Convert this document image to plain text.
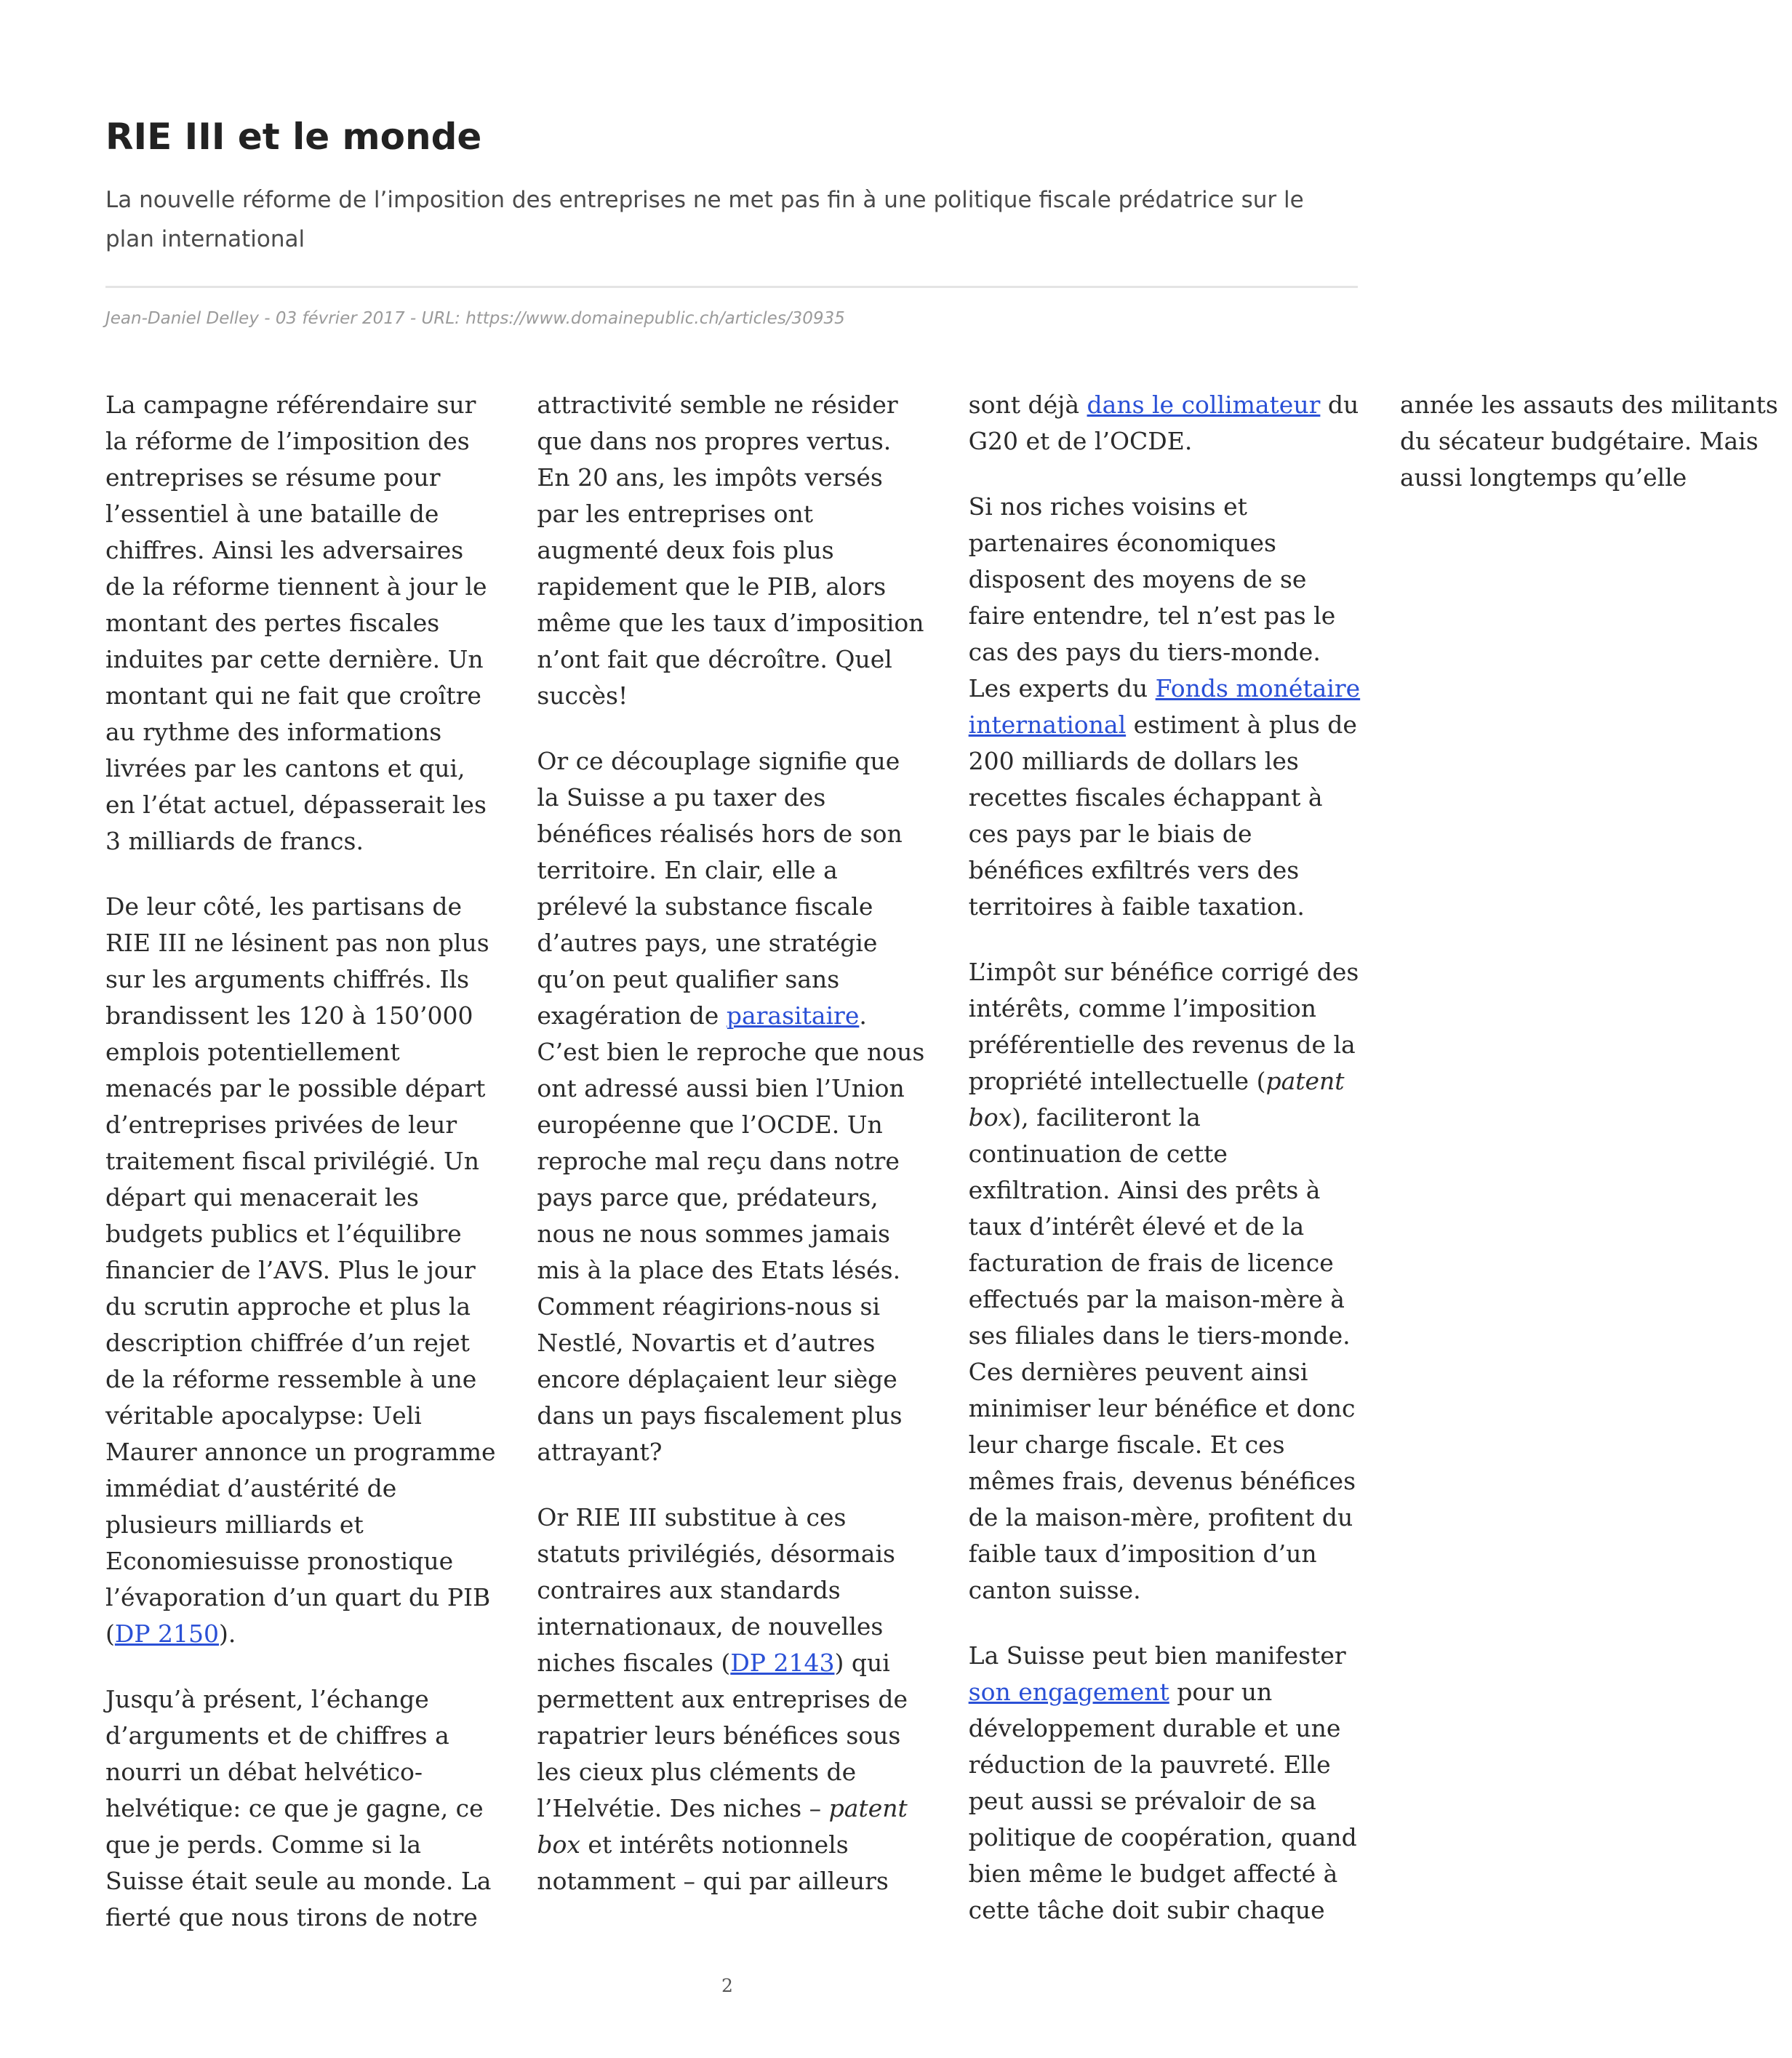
RIE III et le monde

La nouvelle réforme de l’imposition des entreprises ne met pas fin à une politique fiscale prédatrice sur le plan international

Jean-Daniel Delley - 03 février 2017 - URL: https://www.domainepublic.ch/articles/30935

La campagne référendaire sur la réforme de l’imposition des entreprises se résume pour l’essentiel à une bataille de chiffres. Ainsi les adversaires de la réforme tiennent à jour le montant des pertes fiscales induites par cette dernière. Un montant qui ne fait que croître au rythme des informations livrées par les cantons et qui, en l’état actuel, dépasserait les 3 milliards de francs.

De leur côté, les partisans de RIE III ne lésinent pas non plus sur les arguments chiffrés. Ils brandissent les 120 à 150’000 emplois potentiellement menacés par le possible départ d’entreprises privées de leur traitement fiscal privilégié. Un départ qui menacerait les budgets publics et l’équilibre financier de l’AVS. Plus le jour du scrutin approche et plus la description chiffrée d’un rejet de la réforme ressemble à une véritable apocalypse: Ueli Maurer annonce un programme immédiat d’austérité de plusieurs milliards et Economiesuisse pronostique l’évaporation d’un quart du PIB (DP 2150).

Jusqu’à présent, l’échange d’arguments et de chiffres a nourri un débat helvético-helvétique: ce que je gagne, ce que je perds. Comme si la Suisse était seule au monde. La fierté que nous tirons de notre attractivité semble ne résider que dans nos propres vertus. En 20 ans, les impôts versés par les entreprises ont augmenté deux fois plus rapidement que le PIB, alors même que les taux d’imposition n’ont fait que décroître. Quel succès!

Or ce découplage signifie que la Suisse a pu taxer des bénéfices réalisés hors de son territoire. En clair, elle a prélevé la substance fiscale d’autres pays, une stratégie qu’on peut qualifier sans exagération de parasitaire. C’est bien le reproche que nous ont adressé aussi bien l’Union européenne que l’OCDE. Un reproche mal reçu dans notre pays parce que, prédateurs, nous ne nous sommes jamais mis à la place des Etats lésés. Comment réagirions-nous si Nestlé, Novartis et d’autres encore déplaçaient leur siège dans un pays fiscalement plus attrayant?

Or RIE III substitue à ces statuts privilégiés, désormais contraires aux standards internationaux, de nouvelles niches fiscales (DP 2143) qui permettent aux entreprises de rapatrier leurs bénéfices sous les cieux plus cléments de l’Helvétie. Des niches – patent box et intérêts notionnels notamment – qui par ailleurs sont déjà dans le collimateur du G20 et de l’OCDE.

Si nos riches voisins et partenaires économiques disposent des moyens de se faire entendre, tel n’est pas le cas des pays du tiers-monde. Les experts du Fonds monétaire international estiment à plus de 200 milliards de dollars les recettes fiscales échappant à ces pays par le biais de bénéfices exfiltrés vers des territoires à faible taxation.

L’impôt sur bénéfice corrigé des intérêts, comme l’imposition préférentielle des revenus de la propriété intellectuelle (patent box), faciliteront la continuation de cette exfiltration. Ainsi des prêts à taux d’intérêt élevé et de la facturation de frais de licence effectués par la maison-mère à ses filiales dans le tiers-monde. Ces dernières peuvent ainsi minimiser leur bénéfice et donc leur charge fiscale. Et ces mêmes frais, devenus bénéfices de la maison-mère, profitent du faible taux d’imposition d’un canton suisse.

La Suisse peut bien manifester son engagement pour un développement durable et une réduction de la pauvreté. Elle peut aussi se prévaloir de sa politique de coopération, quand bien même le budget affecté à cette tâche doit subir chaque année les assauts des militants du sécateur budgétaire. Mais aussi longtemps qu’elle

2
